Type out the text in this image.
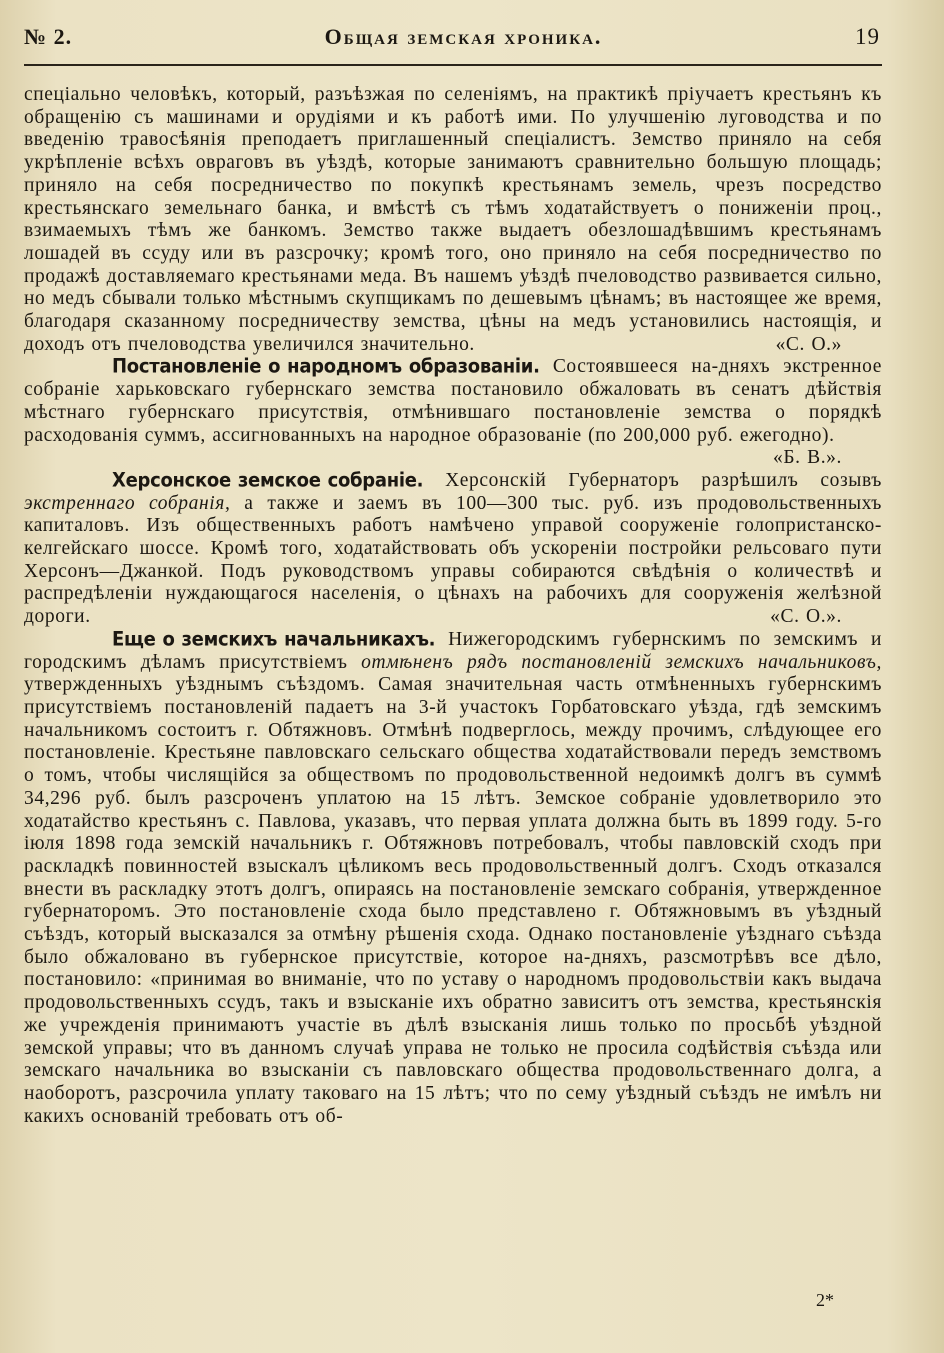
№ 2.	Общая земская хроника.	19

спеціально человѣкъ, который, разъѣзжая по селеніямъ, на практикѣ пріучаетъ крестьянъ къ обращенію съ машинами и орудіями и къ работѣ ими. По улучшенію луговодства и по введенію травосѣянія преподаетъ приглашенный спеціалистъ. Земство приняло на себя укрѣпленіе всѣхъ овраговъ въ уѣздѣ, которые занимаютъ сравнительно большую площадь; приняло на себя посредничество по покупкѣ крестьянамъ земель, чрезъ посредство крестьянскаго земельнаго банка, и вмѣстѣ съ тѣмъ ходатайствуетъ о пониженіи проц., взимаемыхъ тѣмъ же банкомъ. Земство также выдаетъ обезлошадѣвшимъ крестьянамъ лошадей въ ссуду или въ разсрочку; кромѣ того, оно приняло на себя посредничество по продажѣ доставляемаго крестьянами меда. Въ нашемъ уѣздѣ пчеловодство развивается сильно, но медъ сбывали только мѣстнымъ скупщикамъ по дешевымъ цѣнамъ; въ настоящее же время, благодаря сказанному посредничеству земства, цѣны на медъ установились настоящія, и доходъ отъ пчеловодства увеличился значительно.	«С. О.»

Постановленіе о народномъ образованіи. Состоявшееся на-дняхъ экстренное собраніе харьковскаго губернскаго земства постановило обжаловать въ сенатъ дѣйствія мѣстнаго губернскаго присутствія, отмѣнившаго постановленіе земства о порядкѣ расходованія суммъ, ассигнованныхъ на народное образованіе (по 200,000 руб. ежегодно).
«Б. В.».

Херсонское земское собраніе. Херсонскій Губернаторъ разрѣшилъ созывъ экстреннаго собранія, а также и заемъ въ 100—300 тыс. руб. изъ продовольственныхъ капиталовъ. Изъ общественныхъ работъ намѣчено управой сооруженіе голопристанско-келгейскаго шоссе. Кромѣ того, ходатайствовать объ ускореніи постройки рельсоваго пути Херсонъ—Джанкой. Подъ руководствомъ управы собираются свѣдѣнія о количествѣ и распредѣленіи нуждающагося населенія, о цѣнахъ на рабочихъ для сооруженія желѣзной дороги.	«С. О.».

Еще о земскихъ начальникахъ. Нижегородскимъ губернскимъ по земскимъ и городскимъ дѣламъ присутствіемъ отмѣненъ рядъ постановленій земскихъ начальниковъ, утвержденныхъ уѣзднымъ съѣздомъ. Самая значительная часть отмѣненныхъ губернскимъ присутствіемъ постановленій падаетъ на 3-й участокъ Горбатовскаго уѣзда, гдѣ земскимъ начальникомъ состоитъ г. Обтяжновъ. Отмѣнѣ подверглось, между прочимъ, слѣдующее его постановленіе. Крестьяне павловскаго сельскаго общества ходатайствовали передъ земствомъ о томъ, чтобы числящійся за обществомъ по продовольственной недоимкѣ долгъ въ суммѣ 34,296 руб. былъ разсроченъ уплатою на 15 лѣтъ. Земское собраніе удовлетворило это ходатайство крестьянъ с. Павлова, указавъ, что первая уплата должна быть въ 1899 году. 5-го іюля 1898 года земскій начальникъ г. Обтяжновъ потребовалъ, чтобы павловскій сходъ при раскладкѣ повинностей взыскалъ цѣликомъ весь продовольственный долгъ. Сходъ отказался внести въ раскладку этотъ долгъ, опираясь на постановленіе земскаго собранія, утвержденное губернаторомъ. Это постановленіе схода было представлено г. Обтяжновымъ въ уѣздный съѣздъ, который высказался за отмѣну рѣшенія схода. Однако постановленіе уѣзднаго съѣзда было обжаловано въ губернское присутствіе, которое на-дняхъ, разсмотрѣвъ все дѣло, постановило: «принимая во вниманіе, что по уставу о народномъ продовольствіи какъ выдача продовольственныхъ ссудъ, такъ и взысканіе ихъ обратно зависитъ отъ земства, крестьянскія же учрежденія принимаютъ участіе въ дѣлѣ взысканія лишь только по просьбѣ уѣздной земской управы; что въ данномъ случаѣ управа не только не просила содѣйствія съѣзда или земскаго начальника во взысканіи съ павловскаго общества продовольственнаго долга, а наоборотъ, разсрочила уплату таковаго на 15 лѣтъ; что по сему уѣздный съѣздъ не имѣлъ ни какихъ основаній требовать отъ об-

2*
